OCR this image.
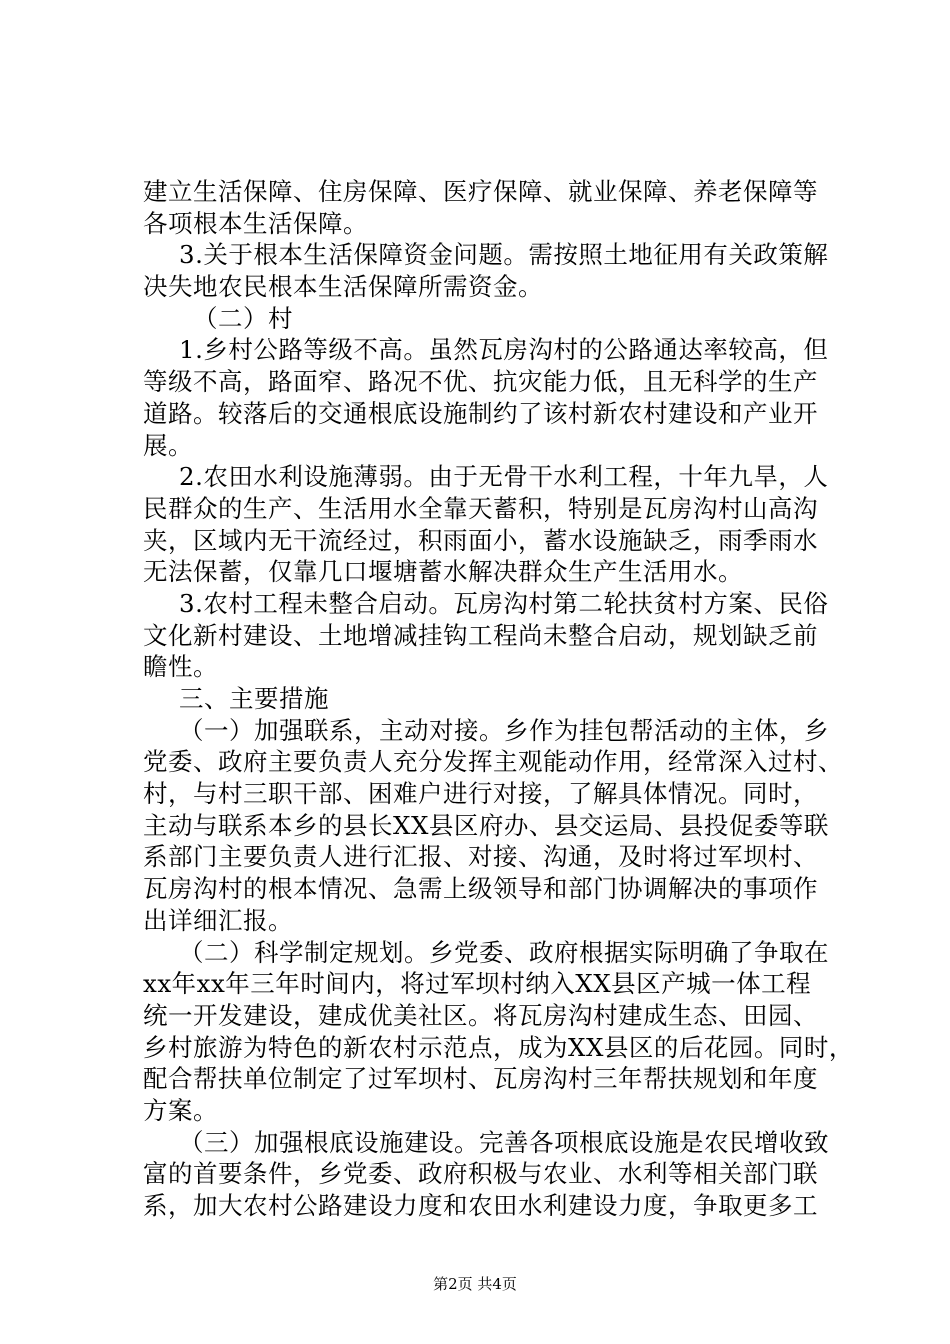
建立生活保障、住房保障、医疗保障、就业保障、养老保障等
各项根本生活保障。
3.关于根本生活保障资金问题。需按照土地征用有关政策解
决失地农民根本生活保障所需资金。
（二）村
1.乡村公路等级不高。虽然瓦房沟村的公路通达率较高，但
等级不高，路面窄、路况不优、抗灾能力低，且无科学的生产
道路。较落后的交通根底设施制约了该村新农村建设和产业开
展。
2.农田水利设施薄弱。由于无骨干水利工程，十年九旱，人
民群众的生产、生活用水全靠天蓄积，特别是瓦房沟村山高沟
夹，区域内无干流经过，积雨面小，蓄水设施缺乏，雨季雨水
无法保蓄，仅靠几口堰塘蓄水解决群众生产生活用水。
3.农村工程未整合启动。瓦房沟村第二轮扶贫村方案、民俗
文化新村建设、土地增减挂钩工程尚未整合启动，规划缺乏前
瞻性。
三、主要措施
（一）加强联系，主动对接。乡作为挂包帮活动的主体，乡
党委、政府主要负责人充分发挥主观能动作用，经常深入过村、
村，与村三职干部、困难户进行对接，了解具体情况。同时，
主动与联系本乡的县长XX县区府办、县交运局、县投促委等联
系部门主要负责人进行汇报、对接、沟通，及时将过军坝村、
瓦房沟村的根本情况、急需上级领导和部门协调解决的事项作
出详细汇报。
（二）科学制定规划。乡党委、政府根据实际明确了争取在
xx年xx年三年时间内，将过军坝村纳入XX县区产城一体工程
统一开发建设，建成优美社区。将瓦房沟村建成生态、田园、
乡村旅游为特色的新农村示范点，成为XX县区的后花园。同时，
配合帮扶单位制定了过军坝村、瓦房沟村三年帮扶规划和年度
方案。
（三）加强根底设施建设。完善各项根底设施是农民增收致
富的首要条件，乡党委、政府积极与农业、水利等相关部门联
系，加大农村公路建设力度和农田水利建设力度，争取更多工
第2页 共4页
